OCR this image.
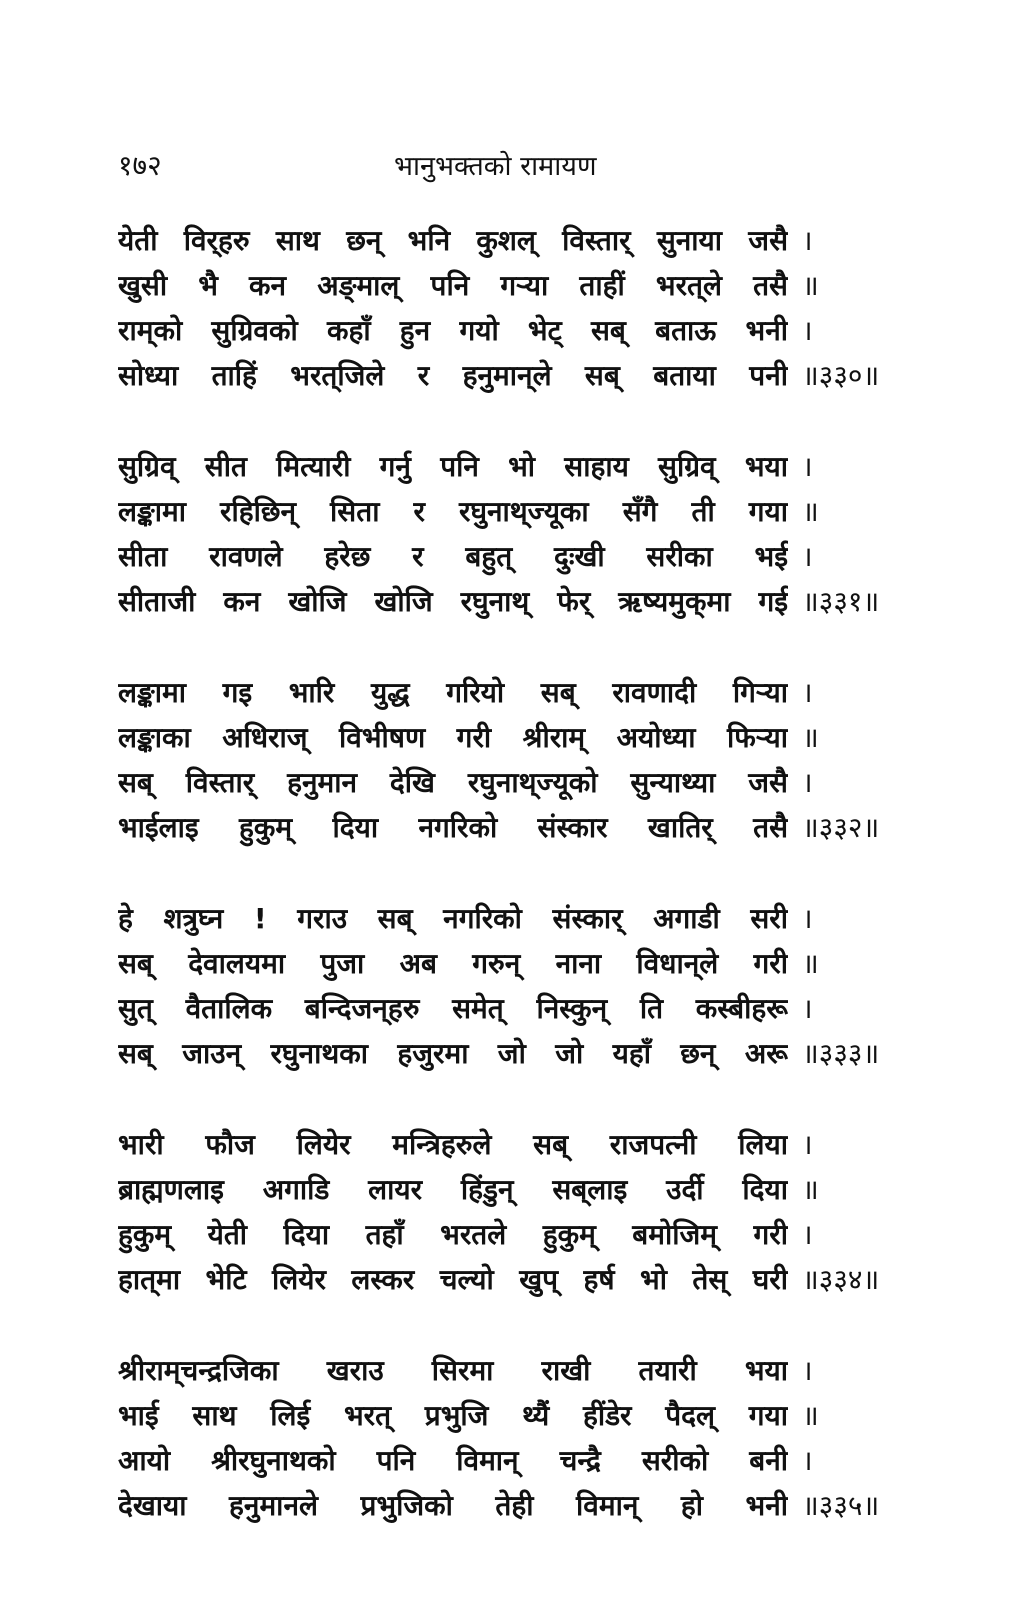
१७२	भानुभक्तको रामायण
येती विर्‌हरु साथ छन् भनि कुशल् विस्तार् सुनाया जसै ।
खुसी भै कन अङ्‌माल् पनि गऱ्या ताहीं भरत्‌ले तसै ॥
राम्‌को सुग्रिवको कहाँ हुन गयो भेट् सब् बताऊ भनी ।
सोध्या ताहिं भरत्‌जिले र हनुमान्‌ले सब् बताया पनी ॥३३०॥
सुग्रिव् सीत मित्यारी गर्नु पनि भो साहाय सुग्रिव् भया ।
लङ्कामा रहिछिन् सिता र रघुनाथ्‌ज्यूका सँगै ती गया ॥
सीता रावणले हरेछ र बहुत् दुःखी सरीका भई ।
सीताजी कन खोजि खोजि रघुनाथ् फेर् ऋष्यमुक्‌मा गई ॥३३१॥
लङ्कामा गइ भारि युद्ध गरियो सब् रावणादी गिऱ्या ।
लङ्काका अधिराज् विभीषण गरी श्रीराम् अयोध्या फिऱ्या ॥
सब् विस्तार् हनुमान देखि रघुनाथ्‌ज्यूको सुन्याथ्या जसै ।
भाईलाइ हुकुम् दिया नगरिको संस्कार खातिर् तसै ॥३३२॥
हे शत्रुघ्न ! गराउ सब् नगरिको संस्कार् अगाडी सरी ।
सब् देवालयमा पुजा अब गरुन् नाना विधान्‌ले गरी ॥
सुत् वैतालिक बन्दिजन्‌हरु समेत् निस्कुन् ति कस्बीहरू ।
सब् जाउन् रघुनाथका हजुरमा जो जो यहाँ छन् अरू ॥३३३॥
भारी फौज लियेर मन्त्रिहरुले सब् राजपत्नी लिया ।
ब्राह्मणलाइ अगाडि लायर हिंडुन् सब्‌लाइ उर्दी दिया ॥
हुकुम् येती दिया तहाँ भरतले हुकुम् बमोजिम् गरी ।
हात्‌मा भेटि लियेर लस्कर चल्यो खुप् हर्ष भो तेस् घरी ॥३३४॥
श्रीराम्‌चन्द्रजिका खराउ सिरमा राखी तयारी भया ।
भाई साथ लिई भरत् प्रभुजि थ्यैं हींडेर पैदल् गया ॥
आयो श्रीरघुनाथको पनि विमान् चन्द्रै सरीको बनी ।
देखाया हनुमानले प्रभुजिको तेही विमान् हो भनी ॥३३५॥
